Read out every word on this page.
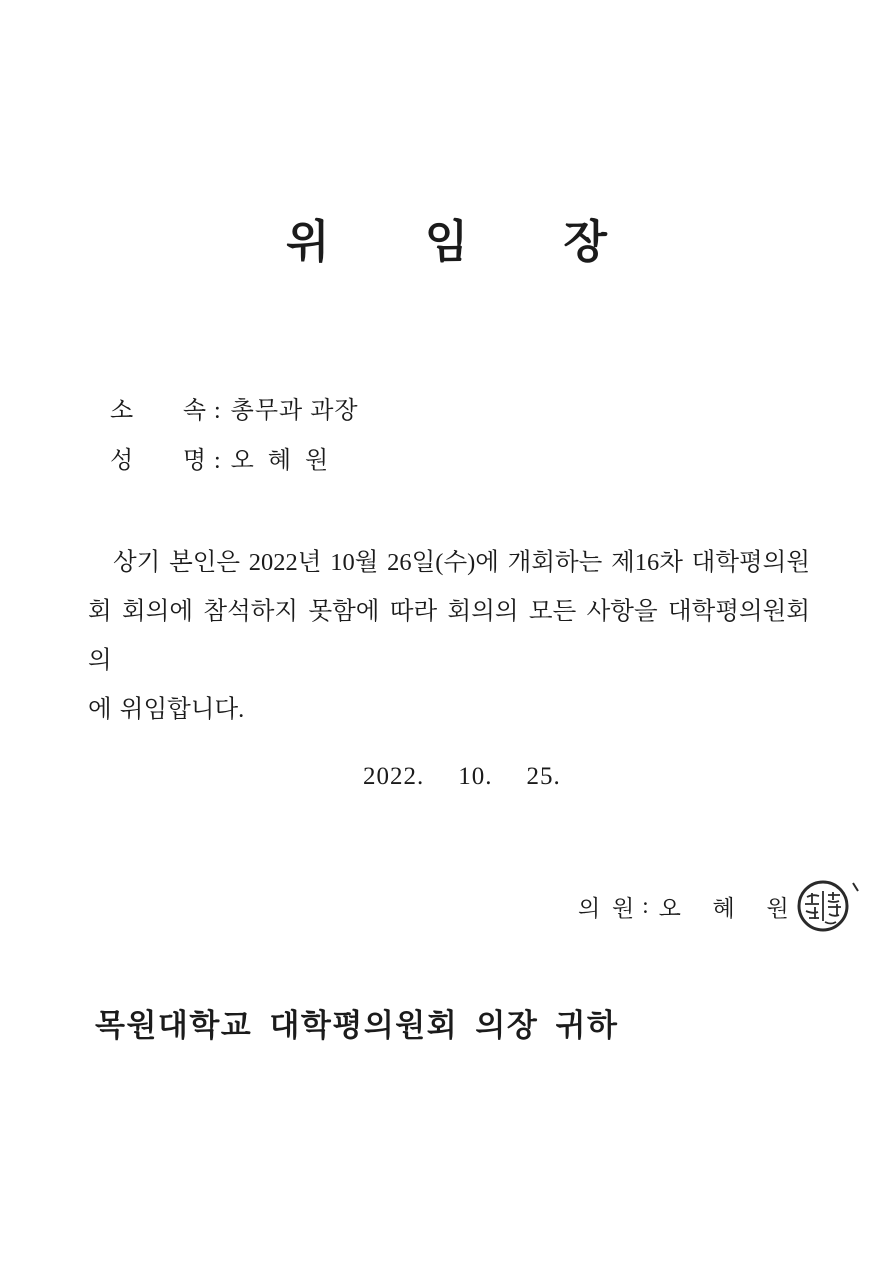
위 임 장
소 속 : 총무과 과장
성 명 : 오 혜 원
상기 본인은 2022년 10월 26일(수)에 개회하는 제16차 대학평의원
회 회의에 참석하지 못함에 따라 회의의 모든 사항을 대학평의원회의
에 위임합니다.
2022. 10. 25.
의 원 : 오 혜 원
목원대학교 대학평의원회 의장 귀하
